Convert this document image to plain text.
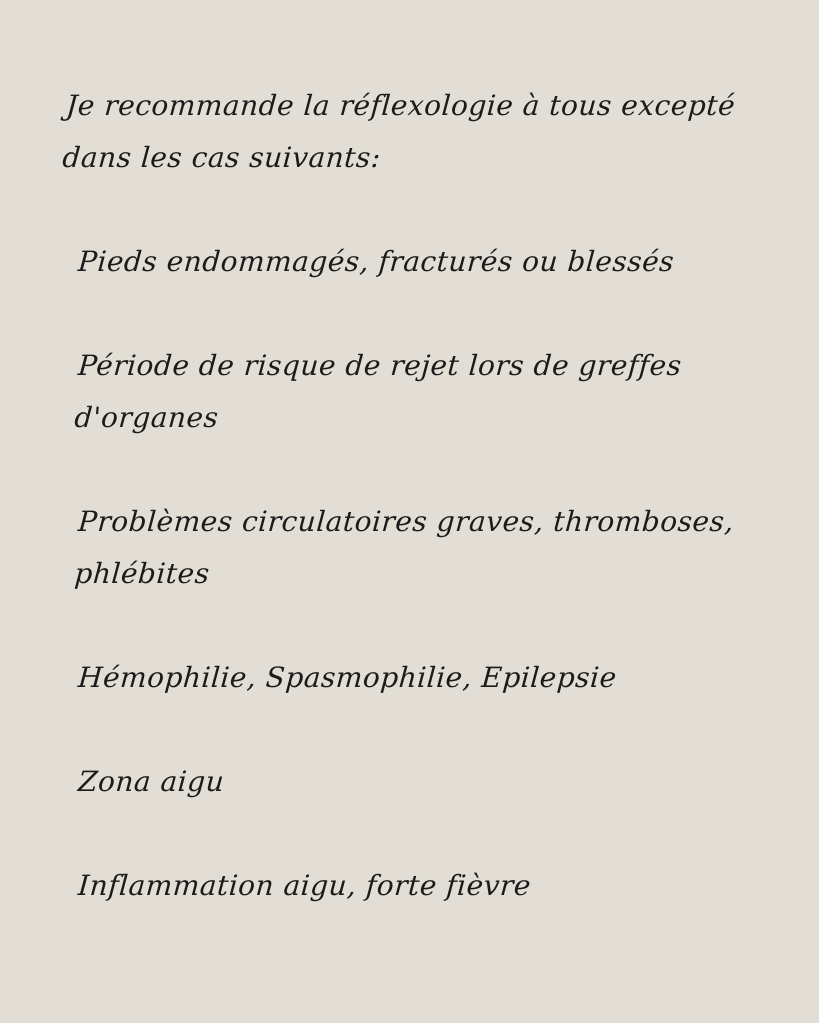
Je recommande la réflexologie à tous excepté dans les cas suivants:
Pieds endommagés, fracturés ou blessés
Période de risque de rejet lors de greffes d'organes
Problèmes circulatoires graves, thromboses, phlébites
Hémophilie, Spasmophilie, Epilepsie
Zona aigu
Inflammation aigu, forte fièvre
